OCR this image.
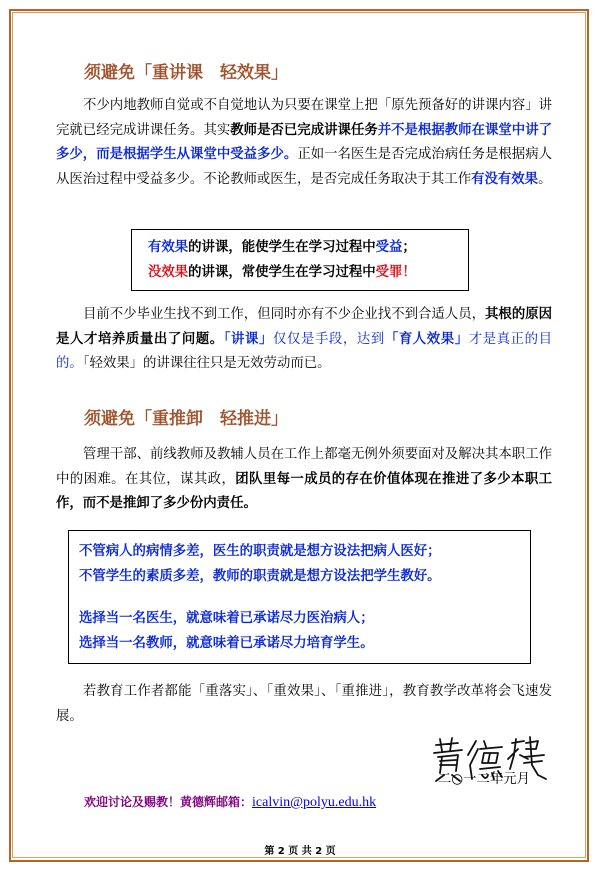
须避免「重讲课　轻效果」
不少内地教师自觉或不自觉地认为只要在课堂上把「原先预备好的讲课内容」讲完就已经完成讲课任务。其实教师是否已完成讲课任务并不是根据教师在课堂中讲了多少，而是根据学生从课堂中受益多少。正如一名医生是否完成治病任务是根据病人从医治过程中受益多少。不论教师或医生，是否完成任务取决于其工作有没有效果。
有效果的讲课，能使学生在学习过程中受益；
没效果的讲课，常使学生在学习过程中受罪！
目前不少毕业生找不到工作，但同时亦有不少企业找不到合适人员，其根的原因是人才培养质量出了问题。「讲课」仅仅是手段，达到「育人效果」才是真正的目的。「轻效果」的讲课往往只是无效劳动而已。
须避免「重推卸　轻推进」
管理干部、前线教师及教辅人员在工作上都毫无例外须要面对及解决其本职工作中的困难。在其位，谋其政，团队里每一成员的存在价值体现在推进了多少本职工作，而不是推卸了多少份内责任。
不管病人的病情多差，医生的职责就是想方设法把病人医好；
不管学生的素质多差，教师的职责就是想方设法把学生教好。
选择当一名医生，就意味着已承诺尽力医治病人；
选择当一名教师，就意味着已承诺尽力培育学生。
若教育工作者都能「重落实」、「重效果」、「重推进」，教育教学改革将会飞速发展。
二○一二年元月
欢迎讨论及赐教！黄德辉邮箱：icalvin@polyu.edu.hk
第 2 页 共 2 页
